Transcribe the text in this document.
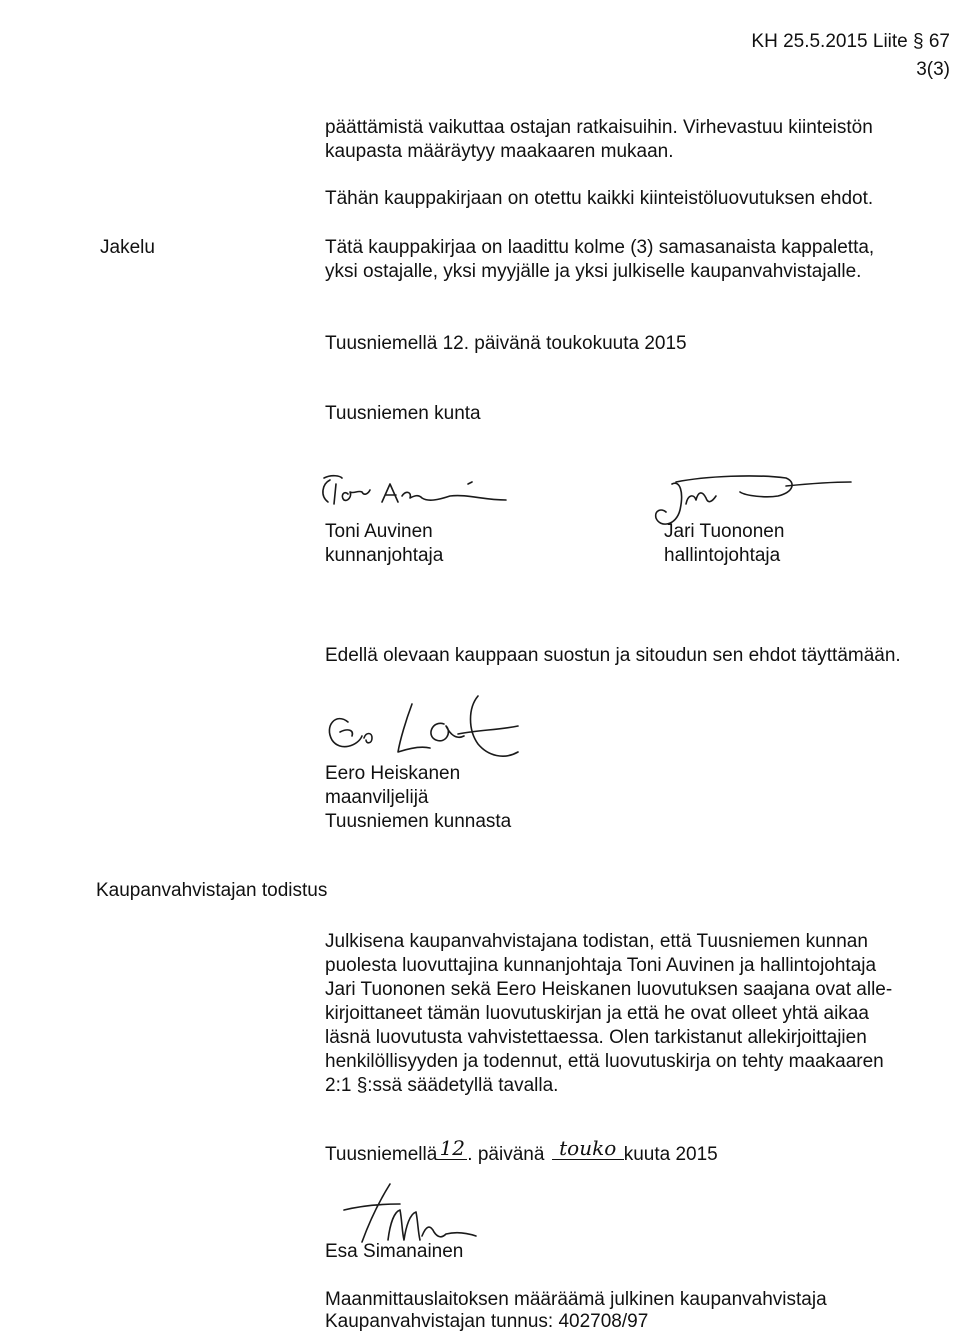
KH 25.5.2015 Liite § 67
3(3)
päättämistä vaikuttaa ostajan ratkaisuihin. Virhevastuu kiinteistön
kaupasta määräytyy maakaaren mukaan.
Tähän kauppakirjaan on otettu kaikki kiinteistöluovutuksen ehdot.
Jakelu	Tätä kauppakirjaa on laadittu kolme (3) samasanaista kappaletta,
yksi ostajalle, yksi myyjälle ja yksi julkiselle kaupanvahvistajalle.
Tuusniemellä 12. päivänä toukokuuta 2015
Tuusniemen kunta
Toni Auvinen
kunnanjohtaja
Jari Tuononen
hallintojohtaja
Edellä olevaan kauppaan suostun ja sitoudun sen ehdot täyttämään.
Eero Heiskanen
maanviljelijä
Tuusniemen kunnasta
Kaupanvahvistajan todistus
Julkisena kaupanvahvistajana todistan, että Tuusniemen kunnan
puolesta luovuttajina kunnanjohtaja Toni Auvinen ja hallintojohtaja
Jari Tuononen sekä Eero Heiskanen luovutuksen saajana ovat alle-
kirjoittaneet tämän luovutuskirjan ja että he ovat olleet yhtä aikaa
läsnä luovutusta vahvistettaessa. Olen tarkistanut allekirjoittajien
henkilöllisyyden ja todennut, että luovutuskirja on tehty maakaaren
2:1 §:ssä säädetyllä tavalla.
Tuusniemellä 12 . päivänä touko kuuta 2015
Esa Simanainen
Maanmittauslaitoksen määräämä julkinen kaupanvahvistaja
Kaupanvahvistajan tunnus: 402708/97
